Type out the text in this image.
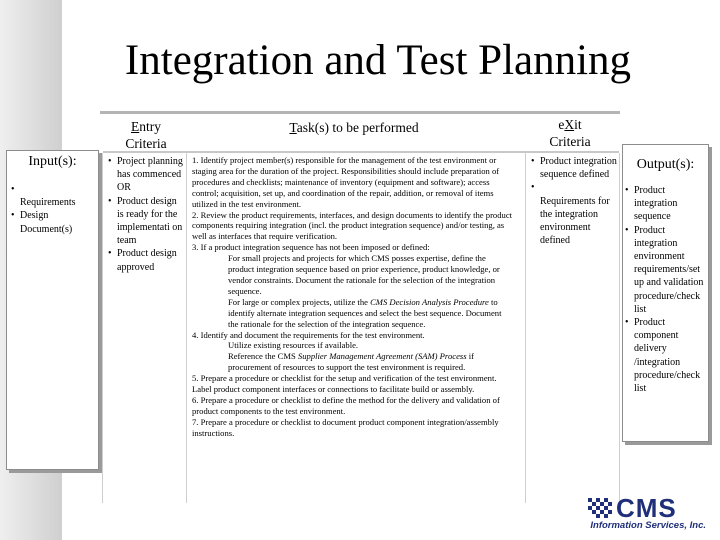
Integration and Test Planning
Entry
Criteria
Task(s) to be performed	eXit
Criteria
Input(s):

• Requirements
• Design Document(s)
• Project planning has commenced OR
• Product design is ready for the implementati on team
• Product design approved

1. Identify project member(s) responsible for the management of the test environment or staging area for the duration of the project. Responsibilities should include preparation of procedures and checklists; maintenance of inventory (equipment and software); access control; acquisition, set up, and coordination of the repair, addition, or removal of items utilized in the test environment.

2. Review the product requirements, interfaces, and design documents to identify the product components requiring integration (incl. the product integration sequence) and/or testing, as well as interfaces that require verification.

3. If a product integration sequence has not been imposed or defined:

For small projects and projects for which CMS posses expertise, define the product integration sequence based on prior experience, product knowledge, or vendor constraints. Document the rationale for the selection of the integration sequence.

For large or complex projects, utilize the CMS Decision Analysis Procedure to identify alternate integration sequences and select the best sequence. Document the rationale for the selection of the integration sequence.

4. Identify and document the requirements for the test environment.

Utilize existing resources if available.

Reference the CMS Supplier Management Agreement (SAM) Process if procurement of resources to support the test environment is required.

5. Prepare a procedure or checklist for the setup and verification of the test environment. Label product component interfaces or connections to facilitate build or assembly.

6. Prepare a procedure or checklist to define the method for the delivery and validation of product components to the test environment.

7. Prepare a procedure or checklist to document product component integration/assembly instructions.

• Product integration sequence defined

• Requirements for the integration environment defined
Output(s):
• Product integration sequence
• Product integration environment requirements/set up and validation procedure/check list
• Product component delivery /integration procedure/check list
CMS
Information Services, Inc.
